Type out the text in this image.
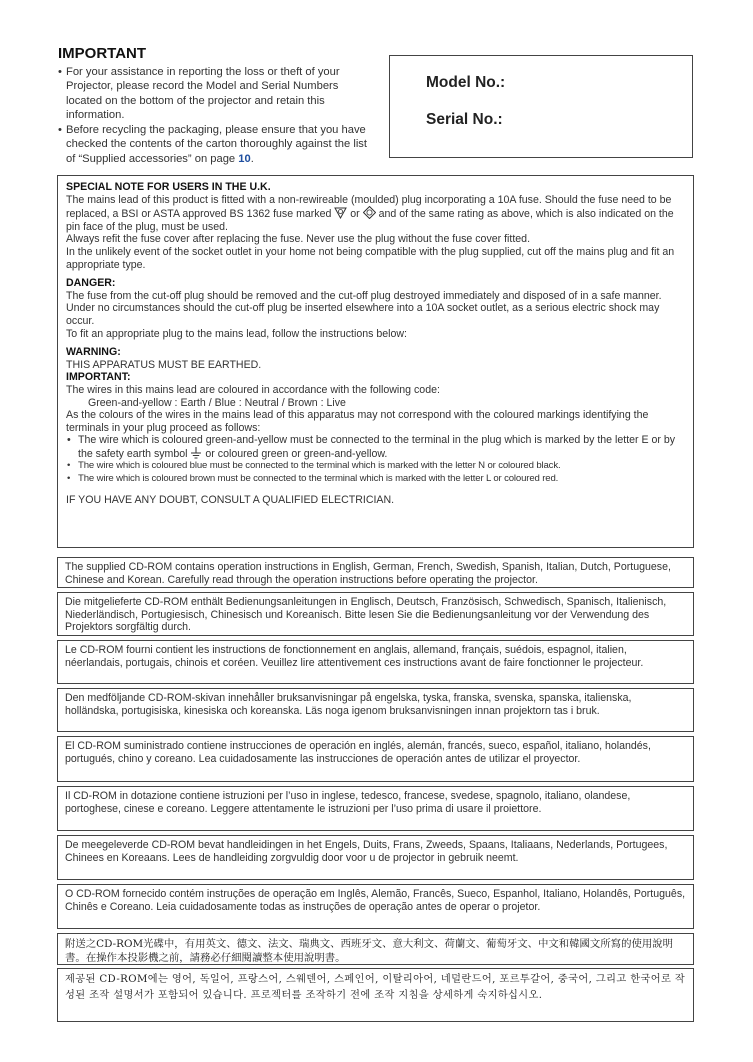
IMPORTANT
• For your assistance in reporting the loss or theft of your Projector, please record the Model and Serial Numbers located on the bottom of the projector and retain this information.
• Before recycling the packaging, please ensure that you have checked the contents of the carton thoroughly against the list of “Supplied accessories” on page 10.
Model No.:
Serial No.:

SPECIAL NOTE FOR USERS IN THE U.K.

The mains lead of this product is fitted with a non-rewireable (moulded) plug incorporating a 10A fuse. Should the fuse need to be replaced, a BSI or ASTA approved BS 1362 fuse marked  or  and of the same rating as above, which is also indicated on the pin face of the plug, must be used.

Always refit the fuse cover after replacing the fuse. Never use the plug without the fuse cover fitted.

In the unlikely event of the socket outlet in your home not being compatible with the plug supplied, cut off the mains plug and fit an appropriate type.

DANGER:

The fuse from the cut-off plug should be removed and the cut-off plug destroyed immediately and disposed of in a safe manner.

Under no circumstances should the cut-off plug be inserted elsewhere into a 10A socket outlet, as a serious electric shock may occur.

To fit an appropriate plug to the mains lead, follow the instructions below:

WARNING:

THIS APPARATUS MUST BE EARTHED.

IMPORTANT:

The wires in this mains lead are coloured in accordance with the following code:

Green-and-yellow : Earth / Blue : Neutral / Brown : Live

As the colours of the wires in the mains lead of this apparatus may not correspond with the coloured markings identifying the terminals in your plug proceed as follows:

• The wire which is coloured green-and-yellow must be connected to the terminal in the plug which is marked by the letter E or by the safety earth symbol  or coloured green or green-and-yellow.
• The wire which is coloured blue must be connected to the terminal which is marked with the letter N or coloured black.
• The wire which is coloured brown must be connected to the terminal which is marked with the letter L or coloured red.

IF YOU HAVE ANY DOUBT, CONSULT A QUALIFIED ELECTRICIAN.

The supplied CD-ROM contains operation instructions in English, German, French, Swedish, Spanish, Italian, Dutch, Portuguese, Chinese and Korean. Carefully read through the operation instructions before operating the projector.
Die mitgelieferte CD-ROM enthält Bedienungsanleitungen in Englisch, Deutsch, Französisch, Schwedisch, Spanisch, Italienisch, Niederländisch, Portugiesisch, Chinesisch und Koreanisch. Bitte lesen Sie die Bedienungsanleitung vor der Verwendung des Projektors sorgfältig durch.
Le CD-ROM fourni contient les instructions de fonctionnement en anglais, allemand, français, suédois, espagnol, italien, néerlandais, portugais, chinois et coréen. Veuillez lire attentivement ces instructions avant de faire fonctionner le projecteur.
Den medföljande CD-ROM-skivan innehåller bruksanvisningar på engelska, tyska, franska, svenska, spanska, italienska, holländska, portugisiska, kinesiska och koreanska. Läs noga igenom bruksanvisningen innan projektorn tas i bruk.
El CD-ROM suministrado contiene instrucciones de operación en inglés, alemán, francés, sueco, español, italiano, holandés, portugués, chino y coreano. Lea cuidadosamente las instrucciones de operación antes de utilizar el proyector.
Il CD-ROM in dotazione contiene istruzioni per l’uso in inglese, tedesco, francese, svedese, spagnolo, italiano, olandese, portoghese, cinese e coreano. Leggere attentamente le istruzioni per l’uso prima di usare il proiettore.
De meegeleverde CD-ROM bevat handleidingen in het Engels, Duits, Frans, Zweeds, Spaans, Italiaans, Nederlands, Portugees, Chinees en Koreaans. Lees de handleiding zorgvuldig door voor u de projector in gebruik neemt.
O CD-ROM fornecido contém instruções de operação em Inglês, Alemão, Francês, Sueco, Espanhol, Italiano, Holandês, Português, Chinês e Coreano. Leia cuidadosamente todas as instruções de operação antes de operar o projetor.
附送之CD-ROM光碟中，有用英文、德文、法文、瑞典文、西班牙文、意大利文、荷蘭文、葡萄牙文、中文和韓國文所寫的使用說明書。在操作本投影機之前，請務必仔細閱讀整本使用說明書。
제공된 CD-ROM에는 영어, 독일어, 프랑스어, 스웨덴어, 스페인어, 이탈리아어, 네덜란드어, 포르투갈어, 중국어, 그리고 한국어로 작성된 조작 설명서가 포함되어 있습니다. 프로젝터를 조작하기 전에 조작 지침을 상세하게 숙지하십시오.
